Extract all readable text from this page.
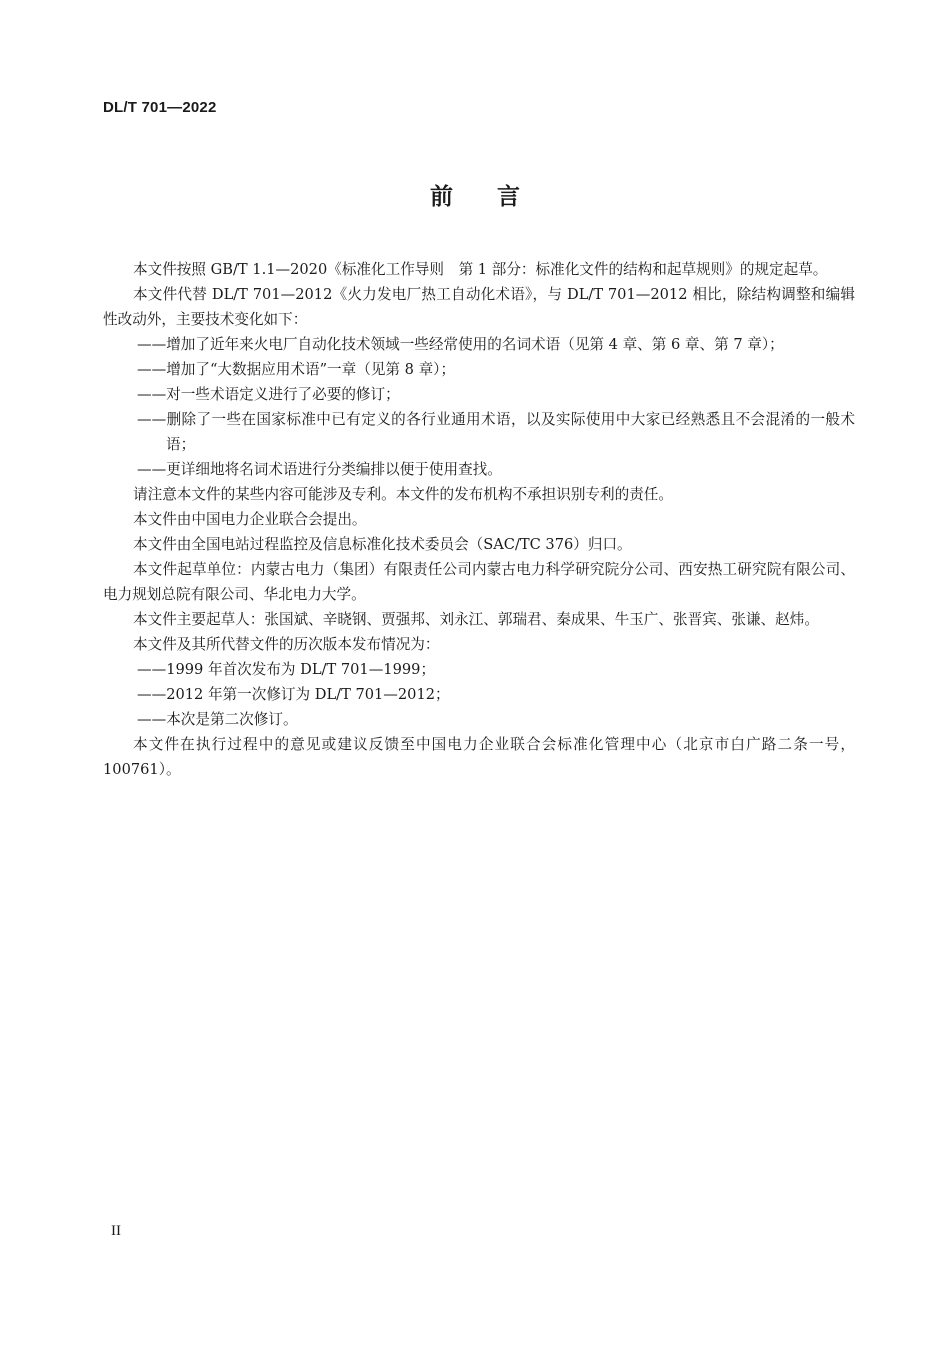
DL/T 701—2022
前言

本文件按照 GB/T 1.1—2020《标准化工作导则　第 1 部分：标准化文件的结构和起草规则》的规定起草。

本文件代替 DL/T 701—2012《火力发电厂热工自动化术语》，与 DL/T 701—2012 相比，除结构调整和编辑性改动外，主要技术变化如下：

——增加了近年来火电厂自动化技术领域一些经常使用的名词术语（见第 4 章、第 6 章、第 7 章）；

——增加了“大数据应用术语”一章（见第 8 章）；

——对一些术语定义进行了必要的修订；

——删除了一些在国家标准中已有定义的各行业通用术语，以及实际使用中大家已经熟悉且不会混淆的一般术语；

——更详细地将名词术语进行分类编排以便于使用查找。

请注意本文件的某些内容可能涉及专利。本文件的发布机构不承担识别专利的责任。

本文件由中国电力企业联合会提出。

本文件由全国电站过程监控及信息标准化技术委员会（SAC/TC 376）归口。

本文件起草单位：内蒙古电力（集团）有限责任公司内蒙古电力科学研究院分公司、西安热工研究院有限公司、电力规划总院有限公司、华北电力大学。

本文件主要起草人：张国斌、辛晓钢、贾强邦、刘永江、郭瑞君、秦成果、牛玉广、张晋宾、张谦、赵炜。

本文件及其所代替文件的历次版本发布情况为：

——1999 年首次发布为 DL/T 701—1999；

——2012 年第一次修订为 DL/T 701—2012；

——本次是第二次修订。

本文件在执行过程中的意见或建议反馈至中国电力企业联合会标准化管理中心（北京市白广路二条一号，100761）。

II
